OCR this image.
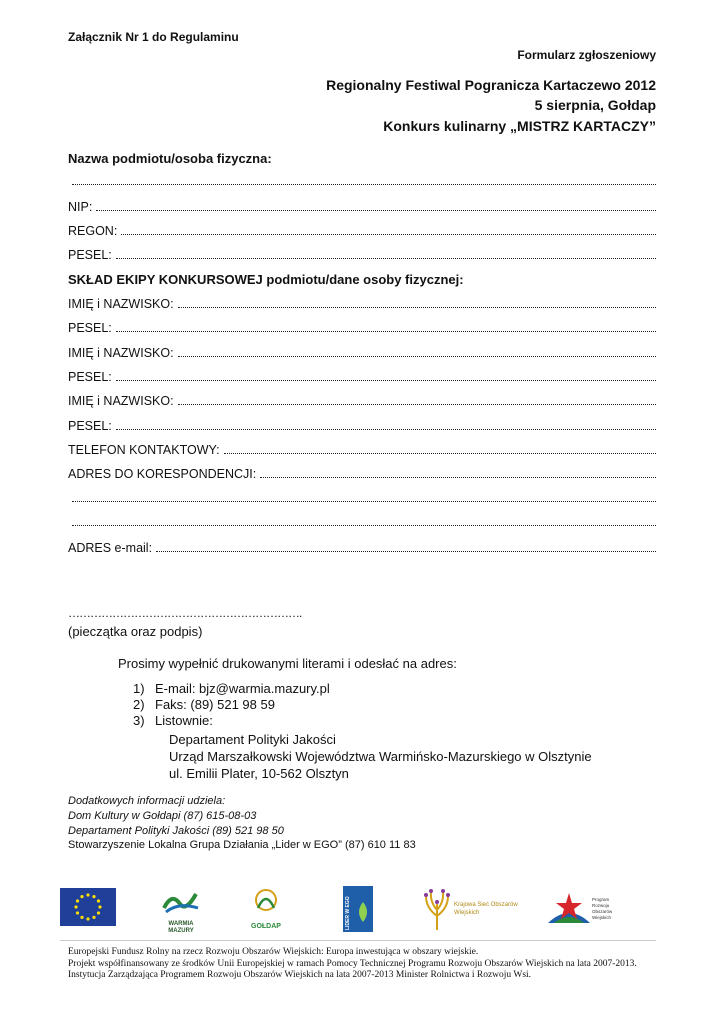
Załącznik Nr 1 do Regulaminu
Formularz zgłoszeniowy
Regionalny Festiwal Pogranicza Kartaczewo 2012
5 sierpnia, Gołdap
Konkurs kulinarny „MISTRZ KARTACZY”
Nazwa podmiotu/osoba fizyczna:
NIP:
REGON:
PESEL:
SKŁAD EKIPY KONKURSOWEJ podmiotu/dane osoby fizycznej:
IMIĘ i NAZWISKO:
PESEL:
IMIĘ i NAZWISKO:
PESEL:
IMIĘ i NAZWISKO:
PESEL:
TELEFON KONTAKTOWY:
ADRES DO KORESPONDENCJI:
ADRES e-mail:
……………………………………………………….
(pieczątka oraz podpis)
Prosimy wypełnić drukowanymi literami i odesłać na adres:
1) E-mail: bjz@warmia.mazury.pl
2) Faks: (89) 521 98 59
3) Listownie:
Departament Polityki Jakości
Urząd Marszałkowski Województwa Warmińsko-Mazurskiego w Olsztynie
ul. Emilii Plater, 10-562 Olsztyn
Dodatkowych informacji udziela:
Dom Kultury w Gołdapi (87) 615-08-03
Departament Polityki Jakości (89) 521 98 50
Stowarzyszenie Lokalna Grupa Działania „Lider w EGO” (87) 610 11 83
WARMIA MAZURY
GOŁDAP	LIDER W EGO	Krajowa Sieć Obszarów Wiejskich
Program Rozwoju Obszarów Wiejskich
Europejski Fundusz Rolny na rzecz Rozwoju Obszarów Wiejskich: Europa inwestująca w obszary wiejskie.
Projekt współfinansowany ze środków Unii Europejskiej w ramach Pomocy Technicznej Programu Rozwoju Obszarów Wiejskich na lata 2007-2013. Instytucja Zarządzająca Programem Rozwoju Obszarów Wiejskich na lata 2007-2013 Minister Rolnictwa i Rozwoju Wsi.
